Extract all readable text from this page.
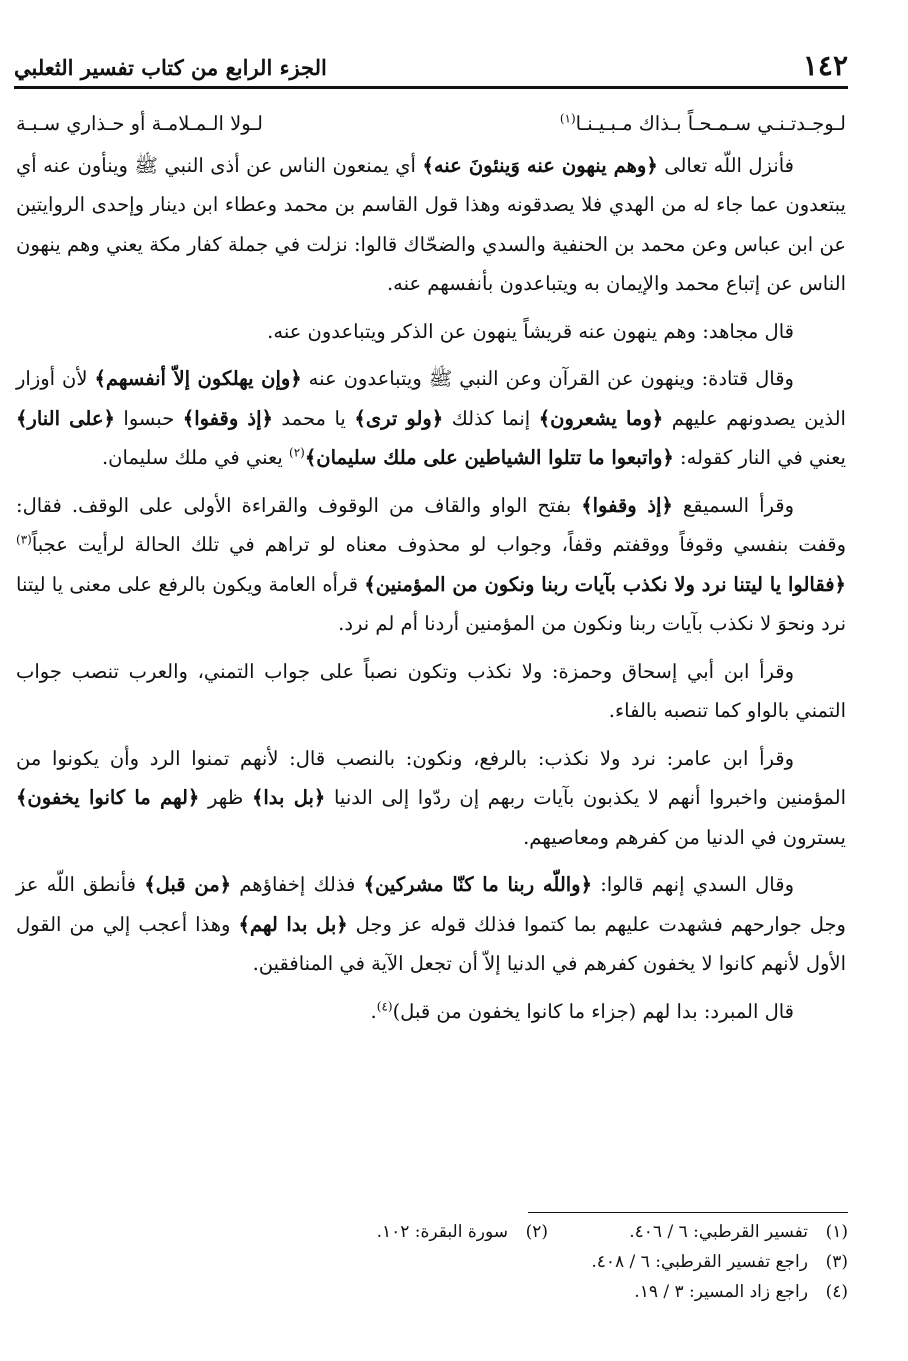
١٤٢
الجزء الرابع من كتاب تفسير الثعلبي
لـوجـدتـنـي سـمـحـاً بـذاك مـبـيـنـا$^{(١)}$
لـولا الـمـلامـة أو حـذاري سـبـة

فأنزل اللّه تعالى ﴿وهم ينهون عنه وَينئونَ عنه﴾ أي يمنعون الناس عن أذى النبي ﷺ وينأون عنه أي يبتعدون عما جاء له من الهدي فلا يصدقونه وهذا قول القاسم بن محمد وعطاء ابن دينار وإحدى الروايتين عن ابن عباس وعن محمد بن الحنفية والسدي والضحّاك قالوا: نزلت في جملة كفار مكة يعني وهم ينهون الناس عن إتباع محمد والإيمان به ويتباعدون بأنفسهم عنه.

قال مجاهد: وهم ينهون عنه قريشاً ينهون عن الذكر ويتباعدون عنه.

وقال قتادة: وينهون عن القرآن وعن النبي ﷺ ويتباعدون عنه ﴿وإن يهلكون إلاّ أنفسهم﴾ لأن أوزار الذين يصدونهم عليهم ﴿وما يشعرون﴾ إنما كذلك ﴿ولو ترى﴾ يا محمد ﴿إذ وقفوا﴾ حبسوا ﴿على النار﴾ يعني في النار كقوله: ﴿واتبعوا ما تتلوا الشياطين على ملك سليمان﴾$^{(٢)}$ يعني في ملك سليمان.

وقرأ السميقع ﴿إذ وقفوا﴾ بفتح الواو والقاف من الوقوف والقراءة الأولى على الوقف. فقال: وقفت بنفسي وقوفاً ووقفتم وقفاً، وجواب لو محذوف معناه لو تراهم في تلك الحالة لرأيت عجباً$^{(٣)}$ ﴿فقالوا يا ليتنا نرد ولا نكذب بآيات ربنا ونكون من المؤمنين﴾ قرأه العامة ويكون بالرفع على معنى يا ليتنا نرد ونحوَ لا نكذب بآيات ربنا ونكون من المؤمنين أردنا أم لم نرد.

وقرأ ابن أبي إسحاق وحمزة: ولا نكذب وتكون نصباً على جواب التمني، والعرب تنصب جواب التمني بالواو كما تنصبه بالفاء.

وقرأ ابن عامر: نرد ولا نكذب: بالرفع، ونكون: بالنصب قال: لأنهم تمنوا الرد وأن يكونوا من المؤمنين واخبروا أنهم لا يكذبون بآيات ربهم إن ردّوا إلى الدنيا ﴿بل بدا﴾ ظهر ﴿لهم ما كانوا يخفون﴾ يسترون في الدنيا من كفرهم ومعاصيهم.

وقال السدي إنهم قالوا: ﴿واللّه ربنا ما كنّا مشركين﴾ فذلك إخفاؤهم ﴿من قبل﴾ فأنطق اللّه عز وجل جوارحهم فشهدت عليهم بما كتموا فذلك قوله عز وجل ﴿بل بدا لهم﴾ وهذا أعجب إلي من القول الأول لأنهم كانوا لا يخفون كفرهم في الدنيا إلاّ أن تجعل الآية في المنافقين.

قال المبرد: بدا لهم (جزاء ما كانوا يخفون من قبل)$^{(٤)}$.

(١)تفسير القرطبي: ٦ / ٤٠٦.
(٢)سورة البقرة: ١٠٢.
(٣)راجع تفسير القرطبي: ٦ / ٤٠٨.
(٤)راجع زاد المسير: ٣ / ١٩.
